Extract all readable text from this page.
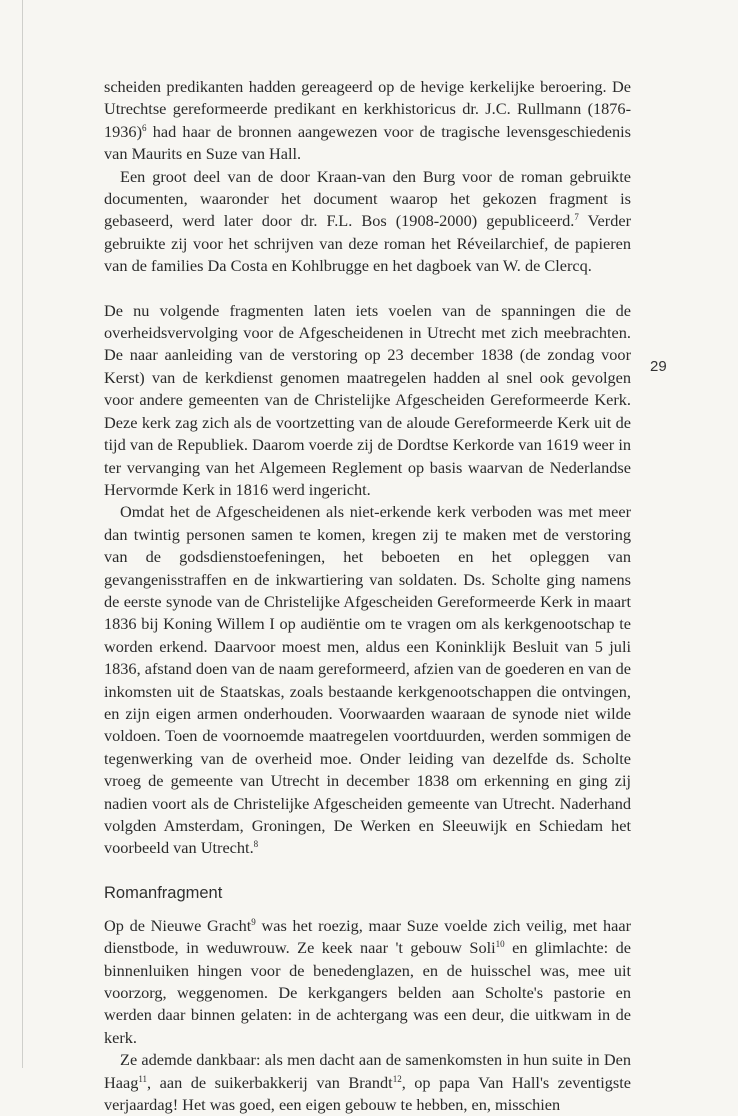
29

scheiden predikanten hadden gereageerd op de hevige kerkelijke beroering. De Utrechtse gereformeerde predikant en kerkhistoricus dr. J.C. Rullmann (1876-1936)$^6$ had haar de bronnen aangewezen voor de tragische levensgeschiedenis van Maurits en Suze van Hall.

Een groot deel van de door Kraan-van den Burg voor de roman gebruikte documenten, waaronder het document waarop het gekozen fragment is gebaseerd, werd later door dr. F.L. Bos (1908-2000) gepubliceerd.$^7$ Verder gebruikte zij voor het schrijven van deze roman het Réveilarchief, de papieren van de families Da Costa en Kohlbrugge en het dagboek van W. de Clercq.

De nu volgende fragmenten laten iets voelen van de spanningen die de overheidsvervolging voor de Afgescheidenen in Utrecht met zich meebrachten. De naar aanleiding van de verstoring op 23 december 1838 (de zondag voor Kerst) van de kerkdienst genomen maatregelen hadden al snel ook gevolgen voor andere gemeenten van de Christelijke Afgescheiden Gereformeerde Kerk. Deze kerk zag zich als de voortzetting van de aloude Gereformeerde Kerk uit de tijd van de Republiek. Daarom voerde zij de Dordtse Kerkorde van 1619 weer in ter vervanging van het Algemeen Reglement op basis waarvan de Nederlandse Hervormde Kerk in 1816 werd ingericht.

Omdat het de Afgescheidenen als niet-erkende kerk verboden was met meer dan twintig personen samen te komen, kregen zij te maken met de verstoring van de godsdienstoefeningen, het beboeten en het opleggen van gevangenisstraffen en de inkwartiering van soldaten. Ds. Scholte ging namens de eerste synode van de Christelijke Afgescheiden Gereformeerde Kerk in maart 1836 bij Koning Willem I op audiëntie om te vragen om als kerkgenootschap te worden erkend. Daarvoor moest men, aldus een Koninklijk Besluit van 5 juli 1836, afstand doen van de naam gereformeerd, afzien van de goederen en van de inkomsten uit de Staatskas, zoals bestaande kerkgenootschappen die ontvingen, en zijn eigen armen onderhouden. Voorwaarden waaraan de synode niet wilde voldoen. Toen de voornoemde maatregelen voortduurden, werden sommigen de tegenwerking van de overheid moe. Onder leiding van dezelfde ds. Scholte vroeg de gemeente van Utrecht in december 1838 om erkenning en ging zij nadien voort als de Christelijke Afgescheiden gemeente van Utrecht. Naderhand volgden Amsterdam, Groningen, De Werken en Sleeuwijk en Schiedam het voorbeeld van Utrecht.$^8$

Romanfragment

Op de Nieuwe Gracht$^9$ was het roezig, maar Suze voelde zich veilig, met haar dienstbode, in weduwrouw. Ze keek naar 't gebouw Soli$^{10}$ en glimlachte: de binnenluiken hingen voor de benedenglazen, en de huisschel was, mee uit voorzorg, weggenomen. De kerkgangers belden aan Scholte's pastorie en werden daar binnen gelaten: in de achtergang was een deur, die uitkwam in de kerk.

Ze ademde dankbaar: als men dacht aan de samenkomsten in hun suite in Den Haag$^{11}$, aan de suikerbakkerij van Brandt$^{12}$, op papa Van Hall's zeventigste verjaardag! Het was goed, een eigen gebouw te hebben, en, misschien
